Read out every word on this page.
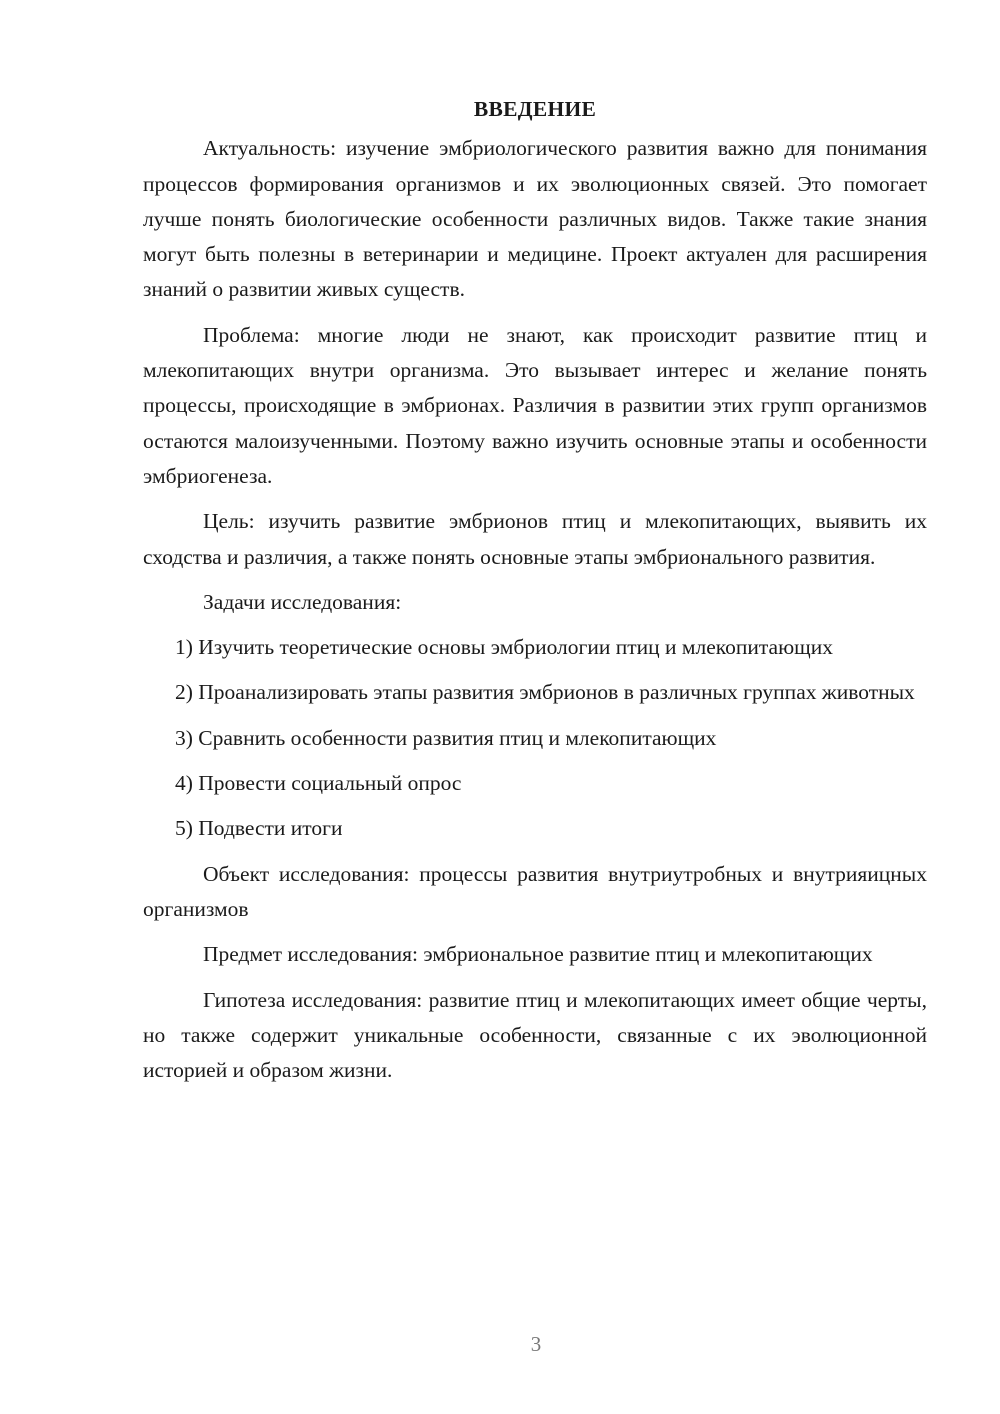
ВВЕДЕНИЕ

Актуальность: изучение эмбриологического развития важно для понимания процессов формирования организмов и их эволюционных связей. Это помогает лучше понять биологические особенности различных видов. Также такие знания могут быть полезны в ветеринарии и медицине. Проект актуален для расширения знаний о развитии живых существ.

Проблема: многие люди не знают, как происходит развитие птиц и млекопитающих внутри организма. Это вызывает интерес и желание понять процессы, происходящие в эмбрионах. Различия в развитии этих групп организмов остаются малоизученными. Поэтому важно изучить основные этапы и особенности эмбриогенеза.

Цель: изучить развитие эмбрионов птиц и млекопитающих, выявить их сходства и различия, а также понять основные этапы эмбрионального развития.

Задачи исследования:

1) Изучить теоретические основы эмбриологии птиц и млекопитающих

2) Проанализировать этапы развития эмбрионов в различных группах животных

3) Сравнить особенности развития птиц и млекопитающих

4) Провести социальный опрос

5) Подвести итоги

Объект исследования: процессы развития внутриутробных и внутрияицных организмов

Предмет исследования: эмбриональное развитие птиц и млекопитающих

Гипотеза исследования: развитие птиц и млекопитающих имеет общие черты, но также содержит уникальные особенности, связанные с их эволюционной историей и образом жизни.

3
